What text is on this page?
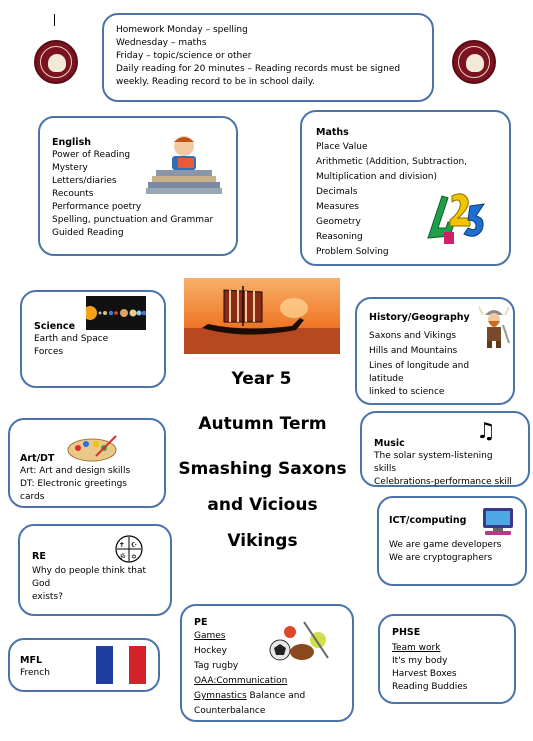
Homework Monday – spelling
Wednesday – maths
Friday – topic/science or other
Daily reading for 20 minutes – Reading records must be signed
weekly. Reading record to be in school daily.
English
Power of Reading
Mystery
Letters/diaries
Recounts
Performance poetry
Spelling, punctuation and Grammar
Guided Reading
Maths
Place Value
Arithmetic (Addition, Subtraction,
Multiplication and division)
Decimals
Measures
Geometry
Reasoning
Problem Solving
Science
Earth and Space
Forces
Year 5
Autumn Term
Smashing Saxons
and Vicious
Vikings
History/Geography
Saxons and Vikings
Hills and Mountains
Lines of longitude and latitude
linked to science
Art/DT
Art: Art and design skills
DT: Electronic greetings cards
Music
The solar system-listening skills
Celebrations-performance skill
♫
ICT/computing
We are game developers
We are cryptographers
RE
Why do people think that God
exists?
✝ ☪
ॐ ✡
PE
Games
Hockey
Tag rugby
OAA:Communication
Gymnastics Balance and
Counterbalance
PHSE
Team work
It's my body
Harvest Boxes
Reading Buddies
MFL
French
